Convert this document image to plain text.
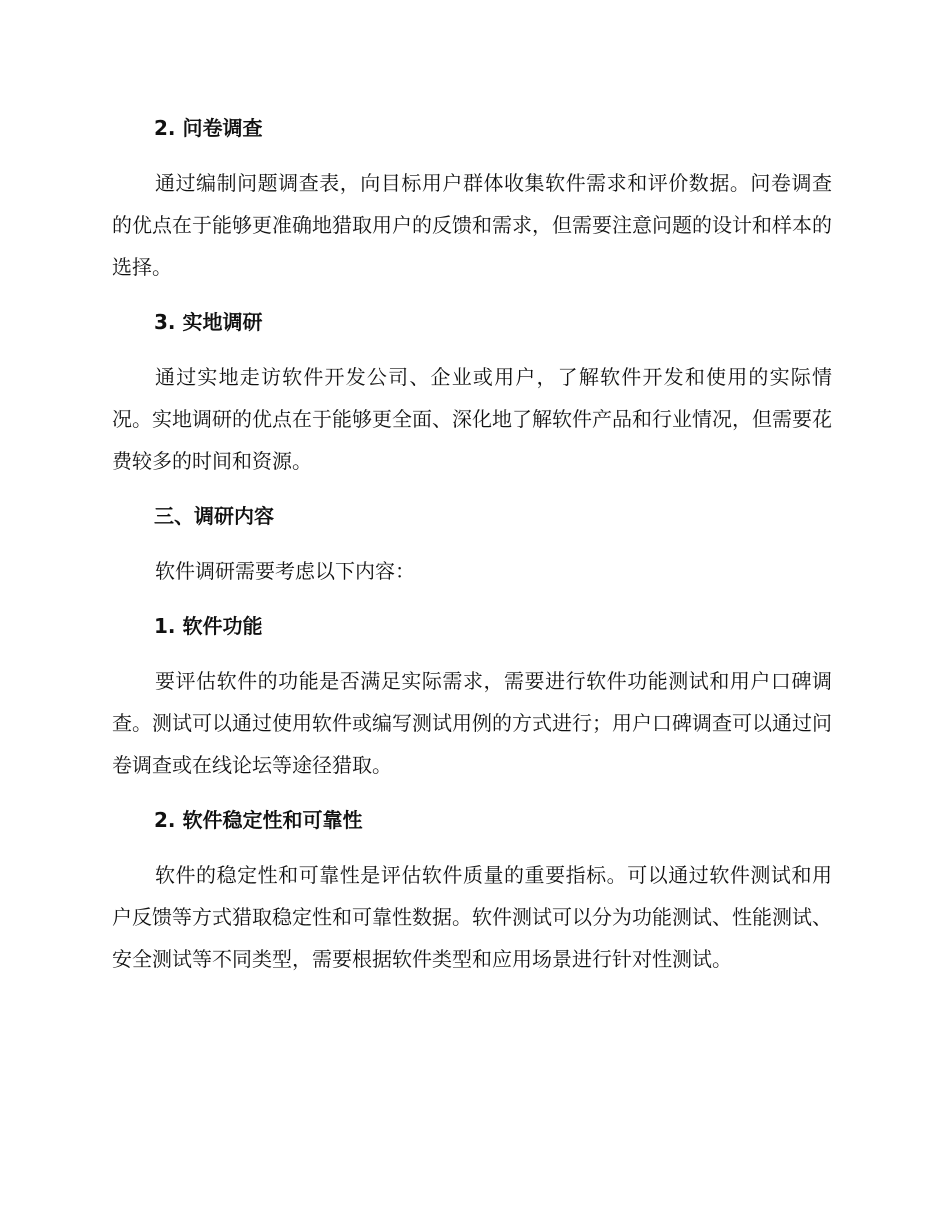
2. 问卷调查

通过编制问题调查表，向目标用户群体收集软件需求和评价数据。问卷调查的优点在于能够更准确地猎取用户的反馈和需求，但需要注意问题的设计和样本的选择。

3. 实地调研

通过实地走访软件开发公司、企业或用户，了解软件开发和使用的实际情况。实地调研的优点在于能够更全面、深化地了解软件产品和行业情况，但需要花费较多的时间和资源。

三、调研内容

软件调研需要考虑以下内容：

1. 软件功能

要评估软件的功能是否满足实际需求，需要进行软件功能测试和用户口碑调查。测试可以通过使用软件或编写测试用例的方式进行；用户口碑调查可以通过问卷调查或在线论坛等途径猎取。

2. 软件稳定性和可靠性

软件的稳定性和可靠性是评估软件质量的重要指标。可以通过软件测试和用户反馈等方式猎取稳定性和可靠性数据。软件测试可以分为功能测试、性能测试、安全测试等不同类型，需要根据软件类型和应用场景进行针对性测试。
